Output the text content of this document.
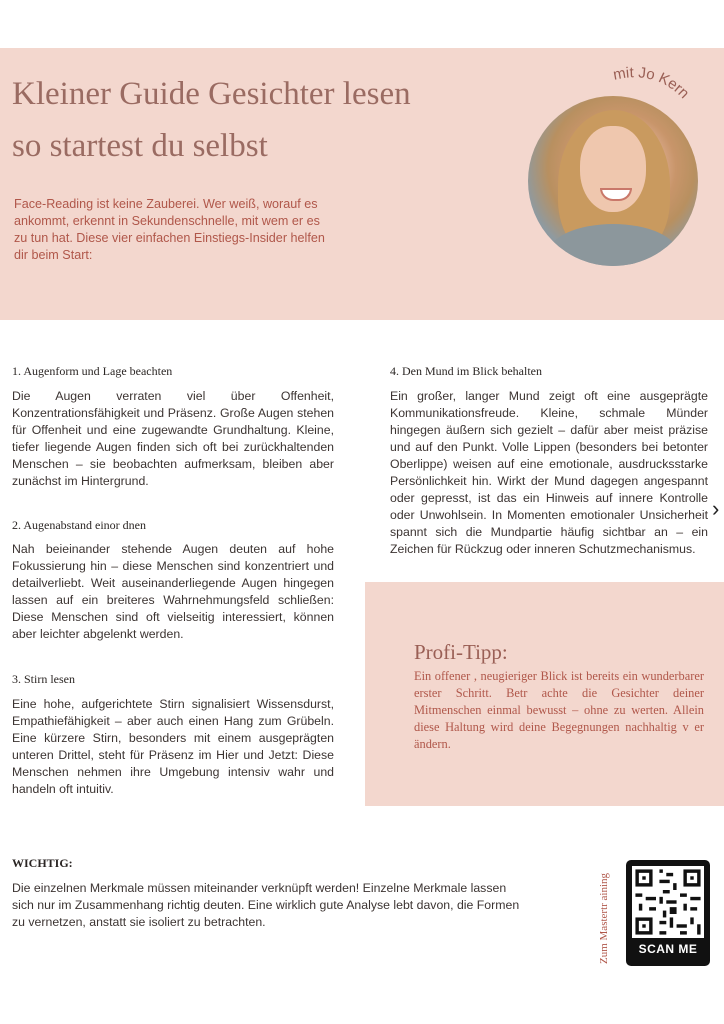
Kleiner Guide Gesichter lesen
so startest du selbst
Face-Reading ist keine Zauberei. Wer weiß, worauf es ankommt, erkennt in Sekundenschnelle, mit wem er es zu tun hat. Diese vier einfachen Einstiegs-Insider helfen dir beim Start:
mit Jo Kern
1. Augenform und Lage beachten
Die Augen verraten viel über Offenheit, Konzentrationsfähigkeit und Präsenz. Große Augen stehen für Offenheit und eine zugewandte Grundhaltung. Kleine, tiefer liegende Augen finden sich oft bei zurückhaltenden Menschen – sie beobachten aufmerksam, bleiben aber zunächst im Hintergrund.
2. Augenabstand einor dnen
Nah beieinander stehende Augen deuten auf hohe Fokussierung hin – diese Menschen sind konzentriert und detailverliebt. Weit auseinanderliegende Augen hingegen lassen auf ein breiteres Wahrnehmungsfeld schließen: Diese Menschen sind oft vielseitig interessiert, können aber leichter abgelenkt werden.
3. Stirn lesen
Eine hohe, aufgerichtete Stirn signalisiert Wissensdurst, Empathiefähigkeit – aber auch einen Hang zum Grübeln. Eine kürzere Stirn, besonders mit einem ausgeprägten unteren Drittel, steht für Präsenz im Hier und Jetzt: Diese Menschen nehmen ihre Umgebung intensiv wahr und handeln oft intuitiv.
4. Den Mund im Blick behalten
Ein großer, langer Mund zeigt oft eine ausgeprägte Kommunikationsfreude. Kleine, schmale Münder hingegen äußern sich gezielt – dafür aber meist präzise und auf den Punkt. Volle Lippen (besonders bei betonter Oberlippe) weisen auf eine emotionale, ausdrucksstarke Persönlichkeit hin. Wirkt der Mund dagegen angespannt oder gepresst, ist das ein Hinweis auf innere Kontrolle oder Unwohlsein. In Momenten emotionaler Unsicherheit spannt sich die Mundpartie häufig sichtbar an – ein Zeichen für Rückzug oder inneren Schutzmechanismus.
›
Profi-Tipp:
Ein offener , neugieriger Blick ist bereits ein wunderbarer erster Schritt. Betr achte die Gesichter deiner Mitmenschen einmal bewusst – ohne zu werten. Allein diese Haltung wird deine Begegnungen nachhaltig v er ändern.
WICHTIG:
Die einzelnen Merkmale müssen miteinander verknüpft werden! Einzelne Merkmale lassen sich nur im Zusammenhang richtig deuten. Eine wirklich gute Analyse lebt davon, die Formen zu vernetzen, anstatt sie isoliert zu betrachten.	Zum Mastertr aining	SCAN ME
